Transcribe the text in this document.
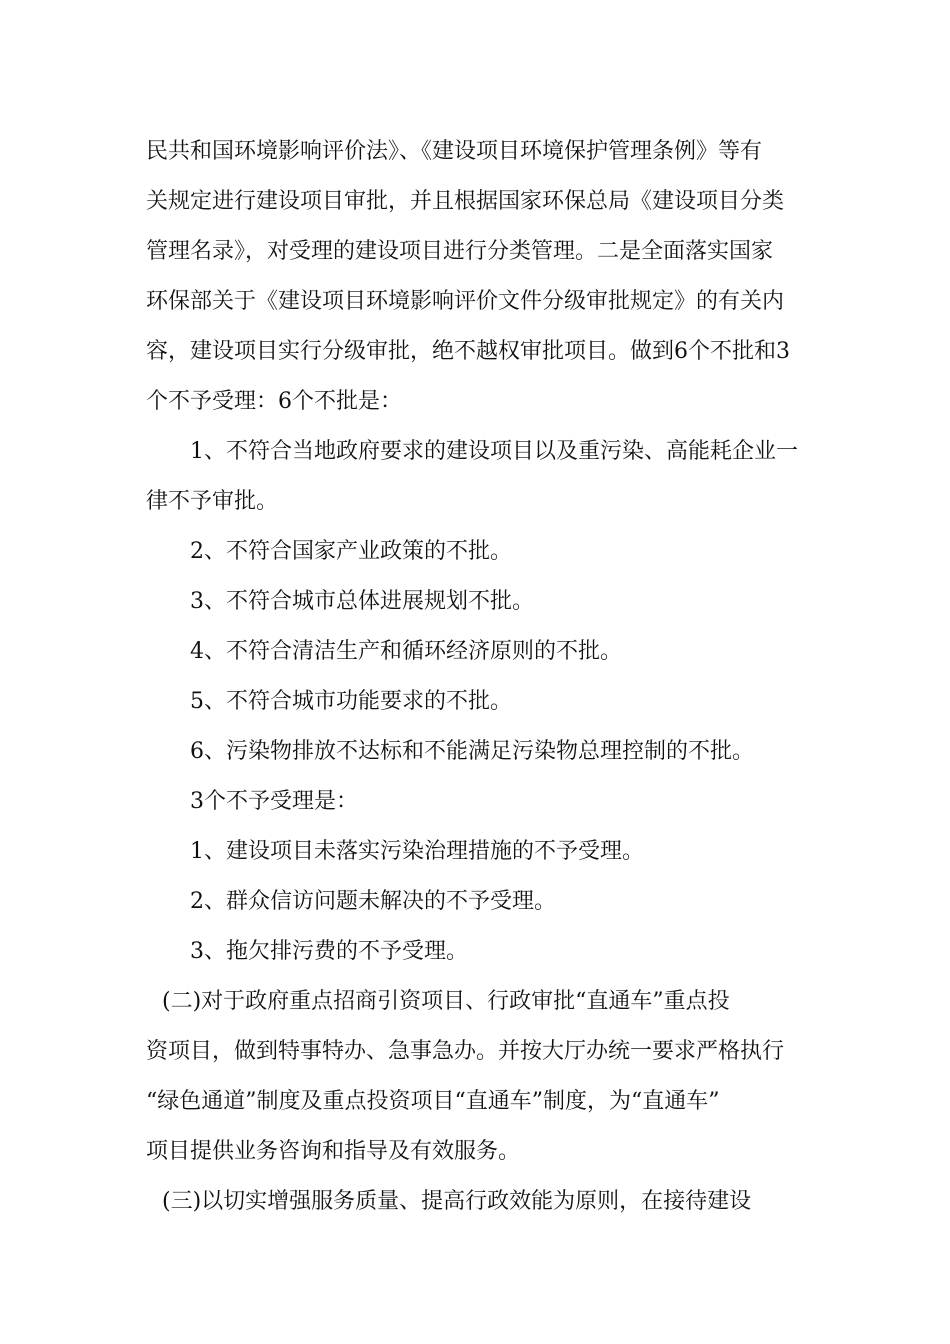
民共和国环境影响评价法》、《建设项目环境保护管理条例》等有
关规定进行建设项目审批，并且根据国家环保总局《建设项目分类
管理名录》，对受理的建设项目进行分类管理。二是全面落实国家
环保部关于《建设项目环境影响评价文件分级审批规定》的有关内
容，建设项目实行分级审批，绝不越权审批项目。做到6个不批和3
个不予受理：6个不批是：
1、不符合当地政府要求的建设项目以及重污染、高能耗企业一
律不予审批。
2、不符合国家产业政策的不批。
3、不符合城市总体进展规划不批。
4、不符合清洁生产和循环经济原则的不批。
5、不符合城市功能要求的不批。
6、污染物排放不达标和不能满足污染物总理控制的不批。
3个不予受理是：
1、建设项目未落实污染治理措施的不予受理。
2、群众信访问题未解决的不予受理。
3、拖欠排污费的不予受理。
(二)对于政府重点招商引资项目、行政审批“直通车”重点投
资项目，做到特事特办、急事急办。并按大厅办统一要求严格执行
“绿色通道”制度及重点投资项目“直通车”制度，为“直通车”
项目提供业务咨询和指导及有效服务。
(三)以切实增强服务质量、提高行政效能为原则，在接待建设
